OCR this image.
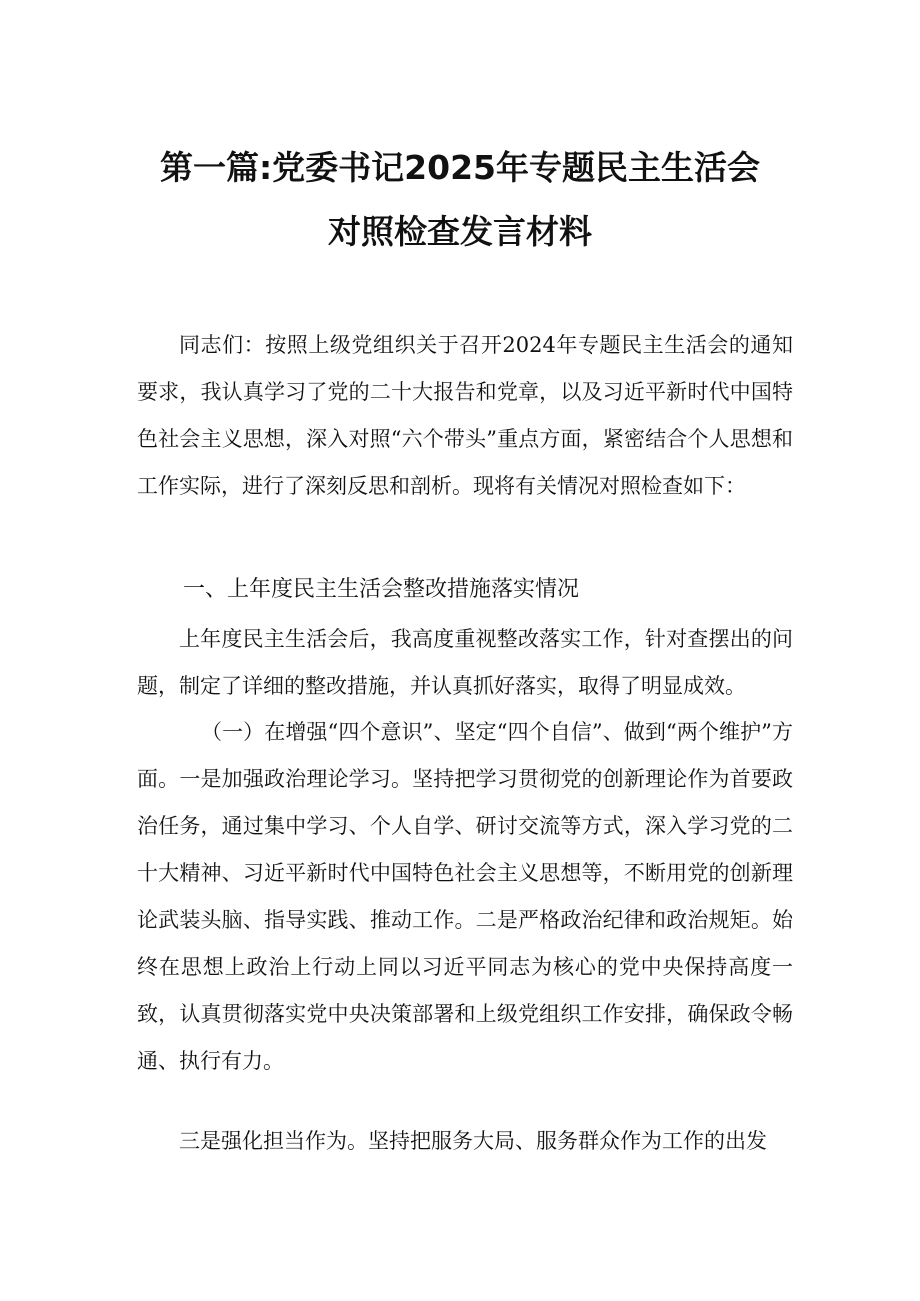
第一篇:党委书记2025年专题民主生活会
对照检查发言材料

同志们：按照上级党组织关于召开2024年专题民主生活会的通知要求，我认真学习了党的二十大报告和党章，以及习近平新时代中国特色社会主义思想，深入对照“六个带头”重点方面，紧密结合个人思想和工作实际，进行了深刻反思和剖析。现将有关情况对照检查如下：

一、上年度民主生活会整改措施落实情况

上年度民主生活会后，我高度重视整改落实工作，针对查摆出的问题，制定了详细的整改措施，并认真抓好落实，取得了明显成效。

（一）在增强“四个意识”、坚定“四个自信”、做到“两个维护”方面。一是加强政治理论学习。坚持把学习贯彻党的创新理论作为首要政治任务，通过集中学习、个人自学、研讨交流等方式，深入学习党的二十大精神、习近平新时代中国特色社会主义思想等，不断用党的创新理论武装头脑、指导实践、推动工作。二是严格政治纪律和政治规矩。始终在思想上政治上行动上同以习近平同志为核心的党中央保持高度一致，认真贯彻落实党中央决策部署和上级党组织工作安排，确保政令畅通、执行有力。

三是强化担当作为。坚持把服务大局、服务群众作为工作的出发
